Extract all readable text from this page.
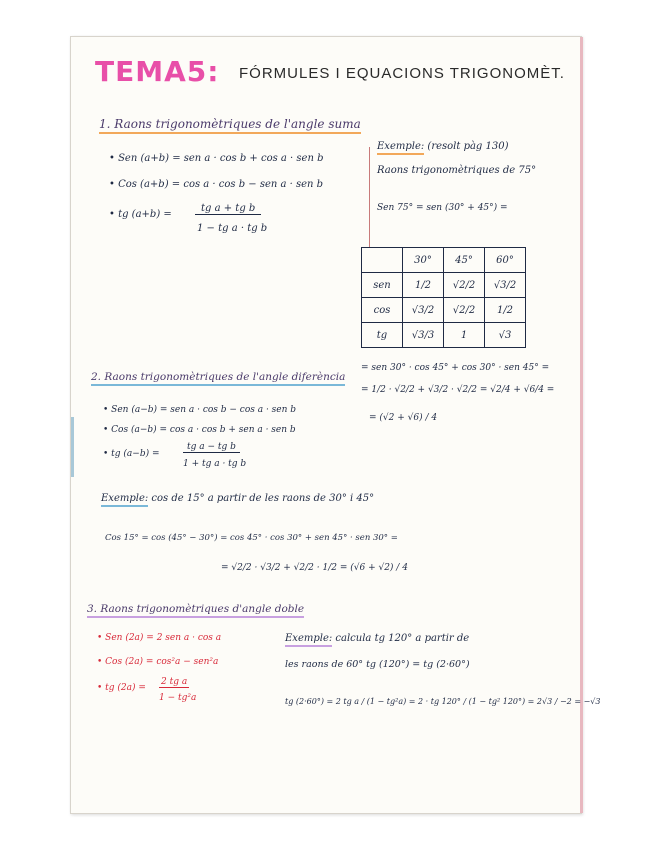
TEMA5: FÓRMULES I EQUACIONS TRIGONOMÈT.
1. Raons trigonomètriques de l'angle suma
• Sen (a+b) = sen a · cos b + cos a · sen b
• Cos (a+b) = cos a · cos b − sen a · sen b
• tg (a+b) =
tg a + tg b
1 − tg a · tg b
Exemple: (resolt pàg 130)
Raons trigonomètriques de 75°
Sen 75° = sen (30° + 45°) =
	30°	45°	60°
sen	1/2	√2/2	√3/2
cos	√3/2	√2/2	1/2
tg	√3/3	1	√3
= sen 30° · cos 45° + cos 30° · sen 45° =
= 1/2 · √2/2 + √3/2 · √2/2 = √2/4 + √6/4 =
= (√2 + √6) / 4
2. Raons trigonomètriques de l'angle diferència
• Sen (a−b) = sen a · cos b − cos a · sen b
• Cos (a−b) = cos a · cos b + sen a · sen b
• tg (a−b) =
tg a − tg b
1 + tg a · tg b
Exemple: cos de 15° a partir de les raons de 30° i 45°
Cos 15° = cos (45° − 30°) = cos 45° · cos 30° + sen 45° · sen 30° =
= √2/2 · √3/2 + √2/2 · 1/2 = (√6 + √2) / 4
3. Raons trigonomètriques d'angle doble
• Sen (2a) = 2 sen a · cos a
• Cos (2a) = cos²a − sen²a
• tg (2a) =
2 tg a
1 − tg²a
Exemple: calcula tg 120° a partir de
les raons de 60° tg (120°) = tg (2·60°)
tg (2·60°) = 2 tg a / (1 − tg²a) = 2 · tg 120° / (1 − tg² 120°) = 2√3 / −2 = −√3
